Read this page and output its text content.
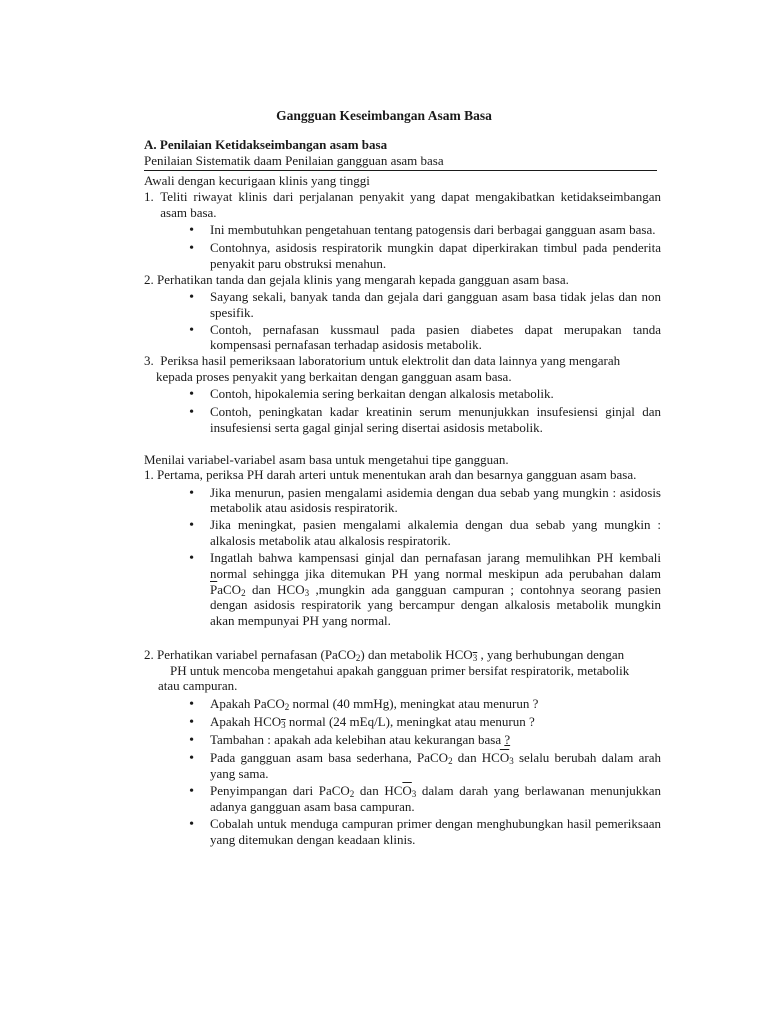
Gangguan Keseimbangan Asam Basa
A. Penilaian Ketidakseimbangan asam basa
Penilaian Sistematik daam Penilaian gangguan asam basa
Awali dengan kecurigaan klinis yang tinggi
1. Teliti riwayat klinis dari perjalanan penyakit yang dapat mengakibatkan ketidakseimbangan asam basa.
•
Ini membutuhkan pengetahuan tentang patogensis dari berbagai gangguan asam basa.
•
Contohnya, asidosis respiratorik mungkin dapat diperkirakan timbul pada penderita penyakit paru obstruksi menahun.
2. Perhatikan tanda dan gejala klinis yang mengarah kepada gangguan asam basa.
•
Sayang sekali, banyak tanda dan gejala dari gangguan asam basa tidak jelas dan non spesifik.
•
Contoh, pernafasan kussmaul pada pasien diabetes dapat merupakan tanda kompensasi pernafasan terhadap asidosis metabolik.
3. Periksa hasil pemeriksaan laboratorium untuk elektrolit dan data lainnya yang mengarah
kepada proses penyakit yang berkaitan dengan gangguan asam basa.
•
Contoh, hipokalemia sering berkaitan dengan alkalosis metabolik.
•
Contoh, peningkatan kadar kreatinin serum menunjukkan insufesiensi ginjal dan insufesiensi serta gagal ginjal sering disertai asidosis metabolik.
Menilai variabel-variabel asam basa untuk mengetahui tipe gangguan.
1. Pertama, periksa PH darah arteri untuk menentukan arah dan besarnya gangguan asam basa.
•
Jika menurun, pasien mengalami asidemia dengan dua sebab yang mungkin : asidosis metabolik atau asidosis respiratorik.
•
Jika meningkat, pasien mengalami alkalemia dengan dua sebab yang mungkin : alkalosis metabolik atau alkalosis respiratorik.
•
Ingatlah bahwa kampensasi ginjal dan pernafasan jarang memulihkan PH kembali normal sehingga jika ditemukan PH yang normal meskipun ada perubahan dalam $\overline{P}aCO_2$ dan $HCO_3$ ,mungkin ada gangguan campuran ; contohnya seorang pasien dengan asidosis respiratorik yang bercampur dengan alkalosis metabolik mungkin akan mempunyai PH yang normal.
2. Perhatikan variabel pernafasan (PaCO$_2$) dan metabolik $HCO_3$ , yang berhubungan dengan
PH untuk mencoba mengetahui apakah gangguan primer bersifat respiratorik, metabolik
atau campuran.
•
Apakah PaCO$_2$ normal (40 mmHg), meningkat atau menurun ?
•
Apakah $HCO_3$ normal (24 mEq/L), meningkat atau menurun ?
•
Tambahan : apakah ada kelebihan atau kekurangan basa ?
•
Pada gangguan asam basa sederhana, PaCO$_2$ dan $HC\overline{O}_3$ selalu berubah dalam arah yang sama.
•
Penyimpangan dari PaCO$_2$ dan $HC\overline{O}_3$ dalam darah yang berlawanan menunjukkan adanya gangguan asam basa campuran.
•
Cobalah untuk menduga campuran primer dengan menghubungkan hasil pemeriksaan yang ditemukan dengan keadaan klinis.
